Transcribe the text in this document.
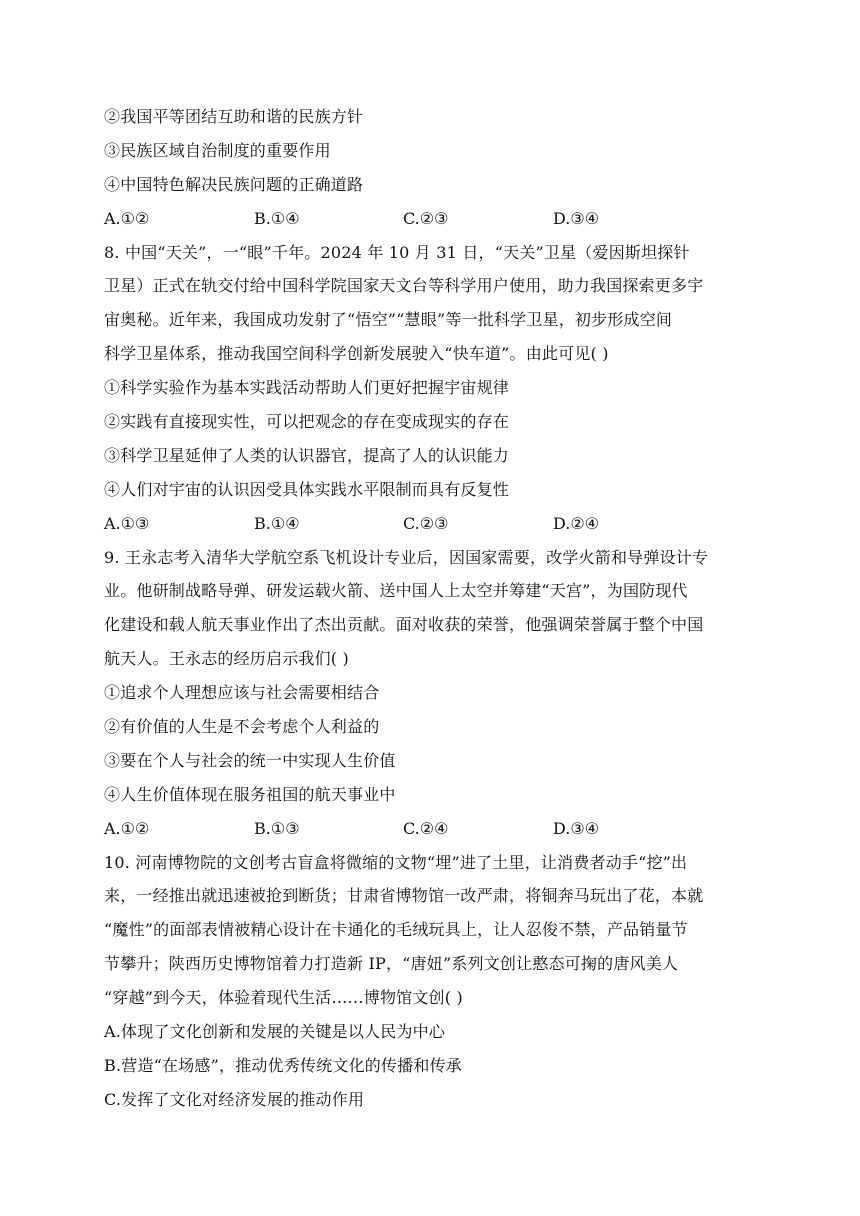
②我国平等团结互助和谐的民族方针
③民族区域自治制度的重要作用
④中国特色解决民族问题的正确道路
A.①②	B.①④	C.②③	D.③④
8. 中国“天关”，一“眼”千年。2024 年 10 月 31 日，“天关”卫星（爱因斯坦探针
卫星）正式在轨交付给中国科学院国家天文台等科学用户使用，助力我国探索更多宇
宙奥秘。近年来，我国成功发射了“悟空”“慧眼”等一批科学卫星，初步形成空间
科学卫星体系，推动我国空间科学创新发展驶入“快车道”。由此可见( )
①科学实验作为基本实践活动帮助人们更好把握宇宙规律
②实践有直接现实性，可以把观念的存在变成现实的存在
③科学卫星延伸了人类的认识器官，提高了人的认识能力
④人们对宇宙的认识因受具体实践水平限制而具有反复性
A.①③	B.①④	C.②③	D.②④
9. 王永志考入清华大学航空系飞机设计专业后，因国家需要，改学火箭和导弹设计专
业。他研制战略导弹、研发运载火箭、送中国人上太空并筹建“天宫”，为国防现代
化建设和载人航天事业作出了杰出贡献。面对收获的荣誉，他强调荣誉属于整个中国
航天人。王永志的经历启示我们( )
①追求个人理想应该与社会需要相结合
②有价值的人生是不会考虑个人利益的
③要在个人与社会的统一中实现人生价值
④人生价值体现在服务祖国的航天事业中
A.①②	B.①③	C.②④	D.③④
10. 河南博物院的文创考古盲盒将微缩的文物“埋”进了土里，让消费者动手“挖”出
来，一经推出就迅速被抢到断货；甘肃省博物馆一改严肃，将铜奔马玩出了花，本就
“魔性”的面部表情被精心设计在卡通化的毛绒玩具上，让人忍俊不禁，产品销量节
节攀升；陕西历史博物馆着力打造新 IP，“唐妞”系列文创让憨态可掬的唐风美人
“穿越”到今天，体验着现代生活……博物馆文创( )
A.体现了文化创新和发展的关键是以人民为中心
B.营造“在场感”，推动优秀传统文化的传播和传承
C.发挥了文化对经济发展的推动作用
